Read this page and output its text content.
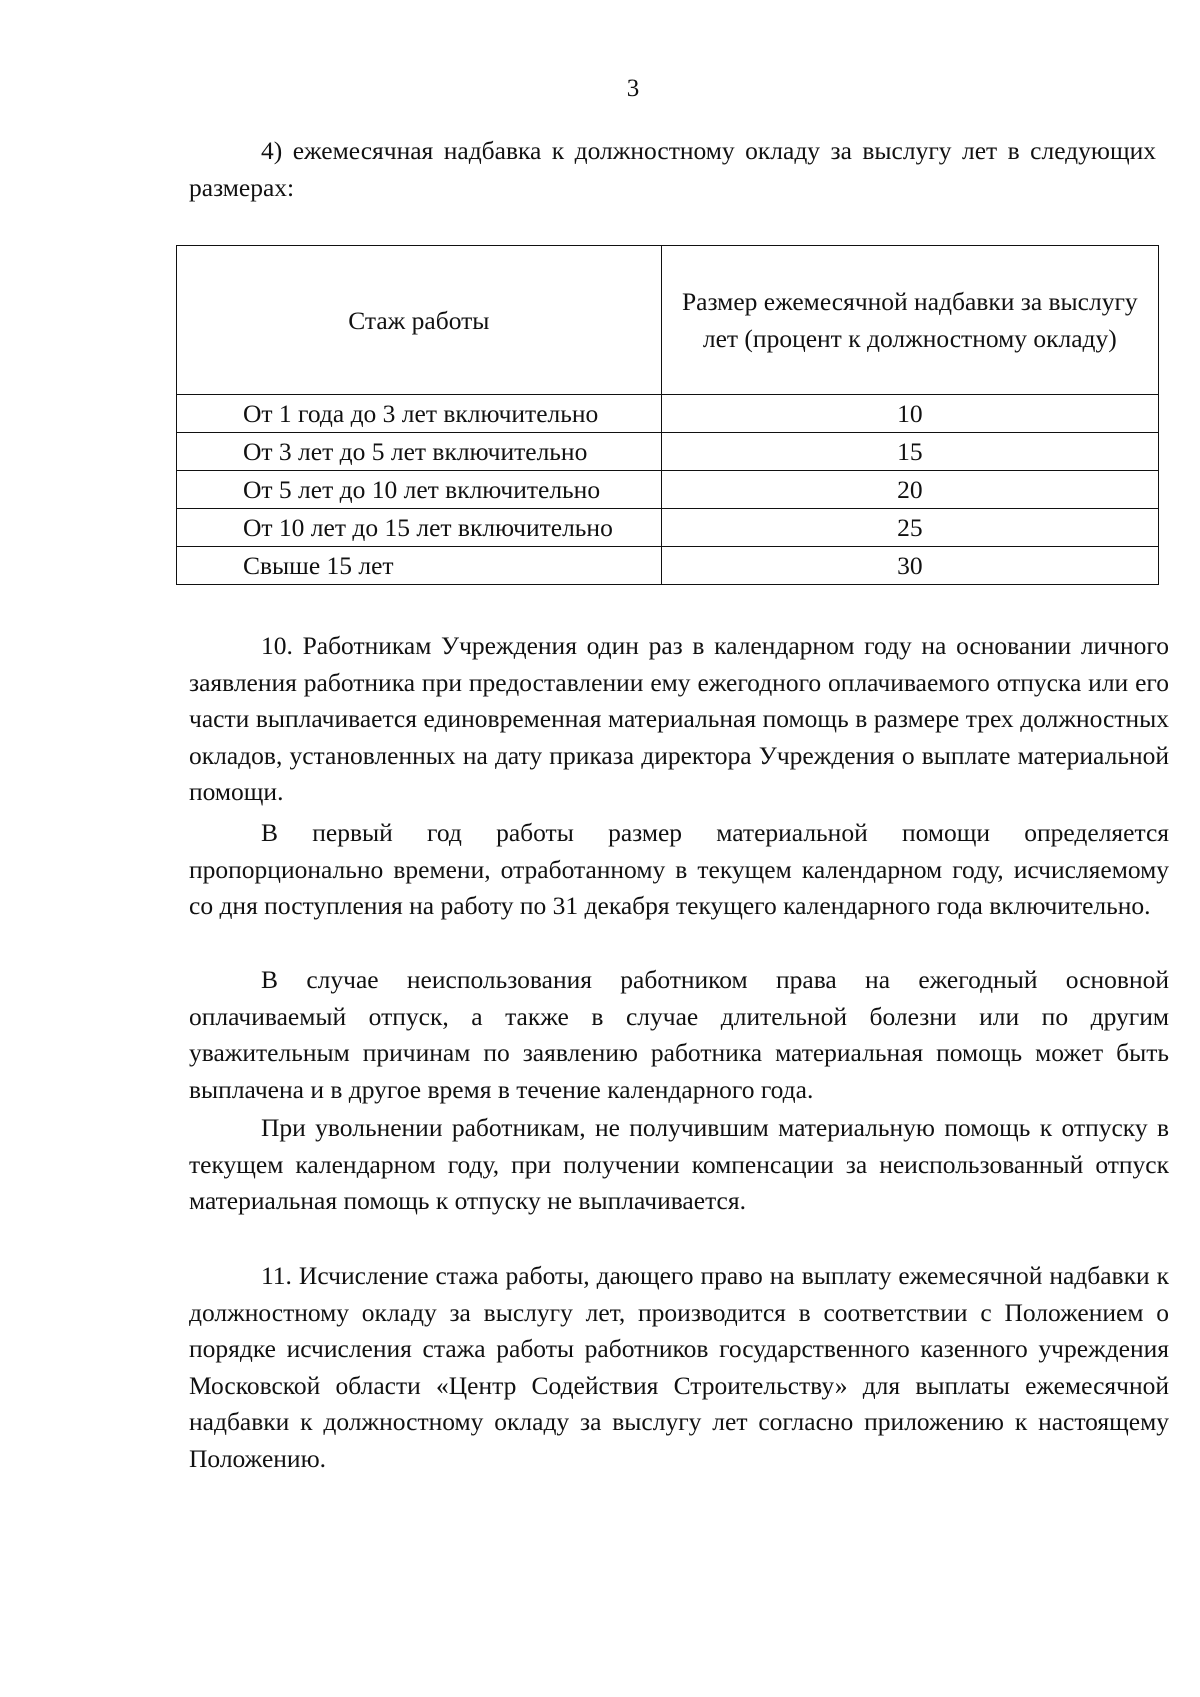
3

4) ежемесячная надбавка к должностному окладу за выслугу лет в следующих размерах:

Стаж работы	Размер ежемесячной надбавки за выслугу лет (процент к должностному окладу)
От 1 года до 3 лет включительно	10
От 3 лет до 5 лет включительно	15
От 5 лет до 10 лет включительно	20
От 10 лет до 15 лет включительно	25
Свыше 15 лет	30

10. Работникам Учреждения один раз в календарном году на основании личного заявления работника при предоставлении ему ежегодного оплачиваемого отпуска или его части выплачивается единовременная материальная помощь в размере трех должностных окладов, установленных на дату приказа директора Учреждения о выплате материальной помощи.

В первый год работы размер материальной помощи определяется пропорционально времени, отработанному в текущем календарном году, исчисляемому со дня поступления на работу по 31 декабря текущего календарного года включительно.

В случае неиспользования работником права на ежегодный основной оплачиваемый отпуск, а также в случае длительной болезни или по другим уважительным причинам по заявлению работника материальная помощь может быть выплачена и в другое время в течение календарного года.

При увольнении работникам, не получившим материальную помощь к отпуску в текущем календарном году, при получении компенсации за неиспользованный отпуск материальная помощь к отпуску не выплачивается.

11. Исчисление стажа работы, дающего право на выплату ежемесячной надбавки к должностному окладу за выслугу лет, производится в соответствии с Положением о порядке исчисления стажа работы работников государственного казенного учреждения Московской области «Центр Содействия Строительству» для выплаты ежемесячной надбавки к должностному окладу за выслугу лет согласно приложению к настоящему Положению.
